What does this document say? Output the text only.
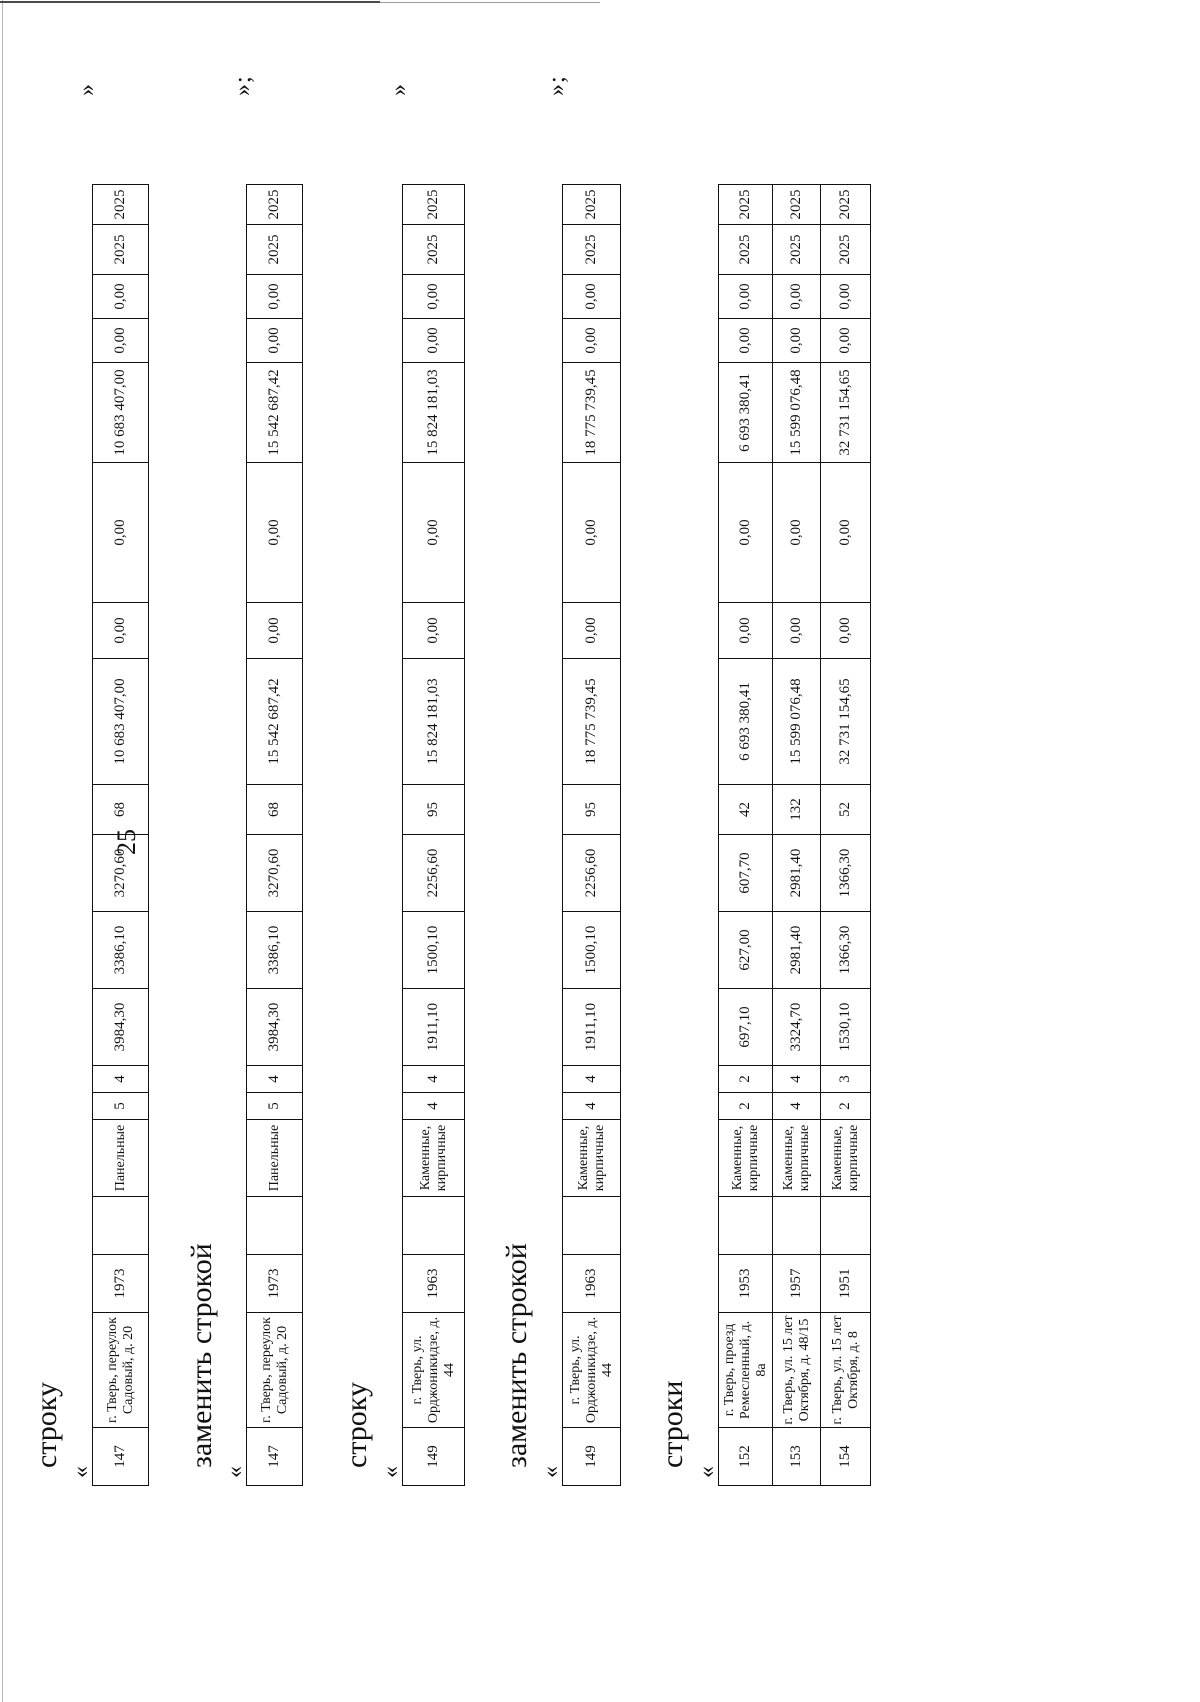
25
строку
«
147	г. Тверь, переулок Садовый, д. 20	1973		Панельные	5	4	3984,30	3386,10	3270,60	68	10 683 407,00	0,00	0,00	10 683 407,00	0,00	0,00	2025	2025
»
заменить строкой
«
147	г. Тверь, переулок Садовый, д. 20	1973		Панельные	5	4	3984,30	3386,10	3270,60	68	15 542 687,42	0,00	0,00	15 542 687,42	0,00	0,00	2025	2025
»;
строку
«
149	г. Тверь, ул. Орджоникидзе, д. 44	1963		Каменные, кирпичные	4	4	1911,10	1500,10	2256,60	95	15 824 181,03	0,00	0,00	15 824 181,03	0,00	0,00	2025	2025
»
заменить строкой
«
149	г. Тверь, ул. Орджоникидзе, д. 44	1963		Каменные, кирпичные	4	4	1911,10	1500,10	2256,60	95	18 775 739,45	0,00	0,00	18 775 739,45	0,00	0,00	2025	2025
»;
строки
«
152	г. Тверь, проезд Ремесленный, д. 8а	1953		Каменные, кирпичные	2	2	697,10	627,00	607,70	42	6 693 380,41	0,00	0,00	6 693 380,41	0,00	0,00	2025	2025
153	г. Тверь, ул. 15 лет Октября, д. 48/15	1957		Каменные, кирпичные	4	4	3324,70	2981,40	2981,40	132	15 599 076,48	0,00	0,00	15 599 076,48	0,00	0,00	2025	2025
154	г. Тверь, ул. 15 лет Октября, д. 8	1951		Каменные, кирпичные	2	3	1530,10	1366,30	1366,30	52	32 731 154,65	0,00	0,00	32 731 154,65	0,00	0,00	2025	2025
